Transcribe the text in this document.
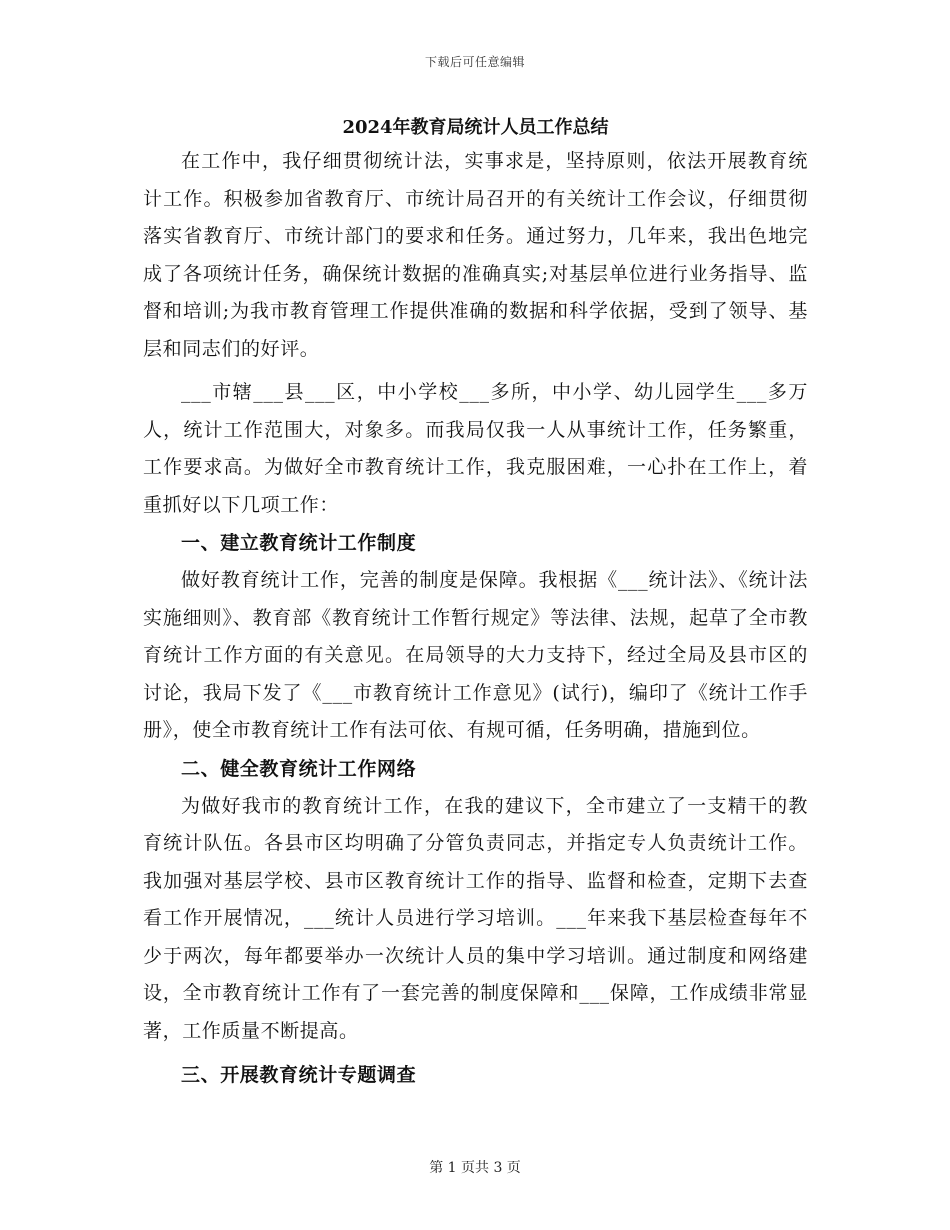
下载后可任意编辑
2024年教育局统计人员工作总结

在工作中，我仔细贯彻统计法，实事求是，坚持原则，依法开展教育统计工作。积极参加省教育厅、市统计局召开的有关统计工作会议，仔细贯彻落实省教育厅、市统计部门的要求和任务。通过努力，几年来，我出色地完成了各项统计任务，确保统计数据的准确真实;对基层单位进行业务指导、监督和培训;为我市教育管理工作提供准确的数据和科学依据，受到了领导、基层和同志们的好评。

___市辖___县___区，中小学校___多所，中小学、幼儿园学生___多万人，统计工作范围大，对象多。而我局仅我一人从事统计工作，任务繁重，工作要求高。为做好全市教育统计工作，我克服困难，一心扑在工作上，着重抓好以下几项工作：

一、建立教育统计工作制度

做好教育统计工作，完善的制度是保障。我根据《___统计法》、《统计法实施细则》、教育部《教育统计工作暂行规定》等法律、法规，起草了全市教育统计工作方面的有关意见。在局领导的大力支持下，经过全局及县市区的讨论，我局下发了《___市教育统计工作意见》(试行)，编印了《统计工作手册》，使全市教育统计工作有法可依、有规可循，任务明确，措施到位。

二、健全教育统计工作网络

为做好我市的教育统计工作，在我的建议下，全市建立了一支精干的教育统计队伍。各县市区均明确了分管负责同志，并指定专人负责统计工作。我加强对基层学校、县市区教育统计工作的指导、监督和检查，定期下去查看工作开展情况，___统计人员进行学习培训。___年来我下基层检查每年不少于两次，每年都要举办一次统计人员的集中学习培训。通过制度和网络建设，全市教育统计工作有了一套完善的制度保障和___保障，工作成绩非常显著，工作质量不断提高。

三、开展教育统计专题调查
第 1 页共 3 页
